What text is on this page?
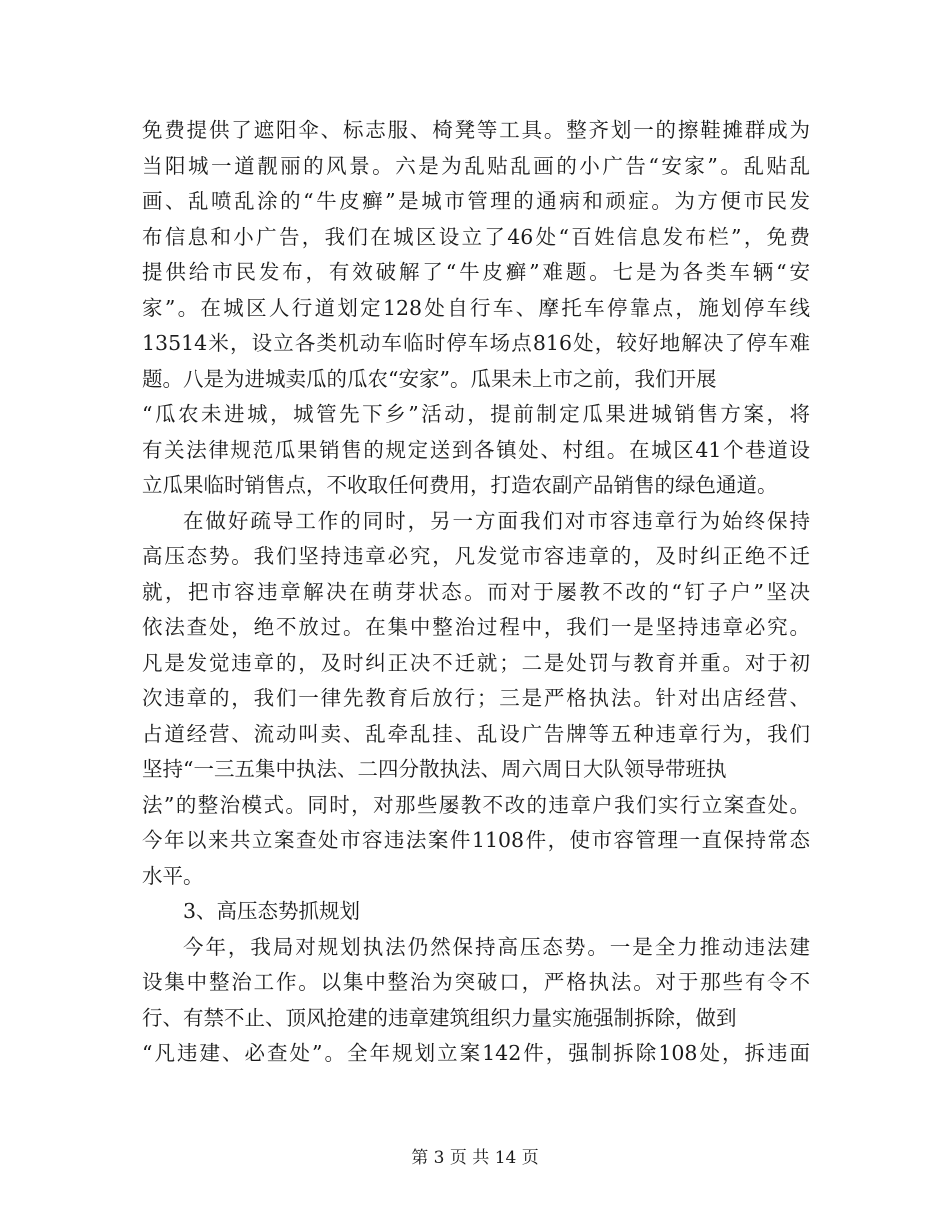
免费提供了遮阳伞、标志服、椅凳等工具。整齐划一的擦鞋摊群成为
当阳城一道靓丽的风景。六是为乱贴乱画的小广告“安家”。乱贴乱
画、乱喷乱涂的“牛皮癣”是城市管理的通病和顽症。为方便市民发
布信息和小广告，我们在城区设立了46处“百姓信息发布栏”，免费
提供给市民发布，有效破解了“牛皮癣”难题。七是为各类车辆“安
家”。在城区人行道划定128处自行车、摩托车停靠点，施划停车线
13514米，设立各类机动车临时停车场点816处，较好地解决了停车难
题。八是为进城卖瓜的瓜农“安家”。瓜果未上市之前，我们开展
“瓜农未进城，城管先下乡”活动，提前制定瓜果进城销售方案，将
有关法律规范瓜果销售的规定送到各镇处、村组。在城区41个巷道设
立瓜果临时销售点，不收取任何费用，打造农副产品销售的绿色通道。
在做好疏导工作的同时，另一方面我们对市容违章行为始终保持
高压态势。我们坚持违章必究，凡发觉市容违章的，及时纠正绝不迁
就，把市容违章解决在萌芽状态。而对于屡教不改的“钉子户”坚决
依法查处，绝不放过。在集中整治过程中，我们一是坚持违章必究。
凡是发觉违章的，及时纠正决不迁就；二是处罚与教育并重。对于初
次违章的，我们一律先教育后放行；三是严格执法。针对出店经营、
占道经营、流动叫卖、乱牵乱挂、乱设广告牌等五种违章行为，我们
坚持“一三五集中执法、二四分散执法、周六周日大队领导带班执
法”的整治模式。同时，对那些屡教不改的违章户我们实行立案查处。
今年以来共立案查处市容违法案件1108件，使市容管理一直保持常态
水平。
3、高压态势抓规划
今年，我局对规划执法仍然保持高压态势。一是全力推动违法建
设集中整治工作。以集中整治为突破口，严格执法。对于那些有令不
行、有禁不止、顶风抢建的违章建筑组织力量实施强制拆除，做到
“凡违建、必查处”。全年规划立案142件，强制拆除108处，拆违面
第 3 页 共 14 页
